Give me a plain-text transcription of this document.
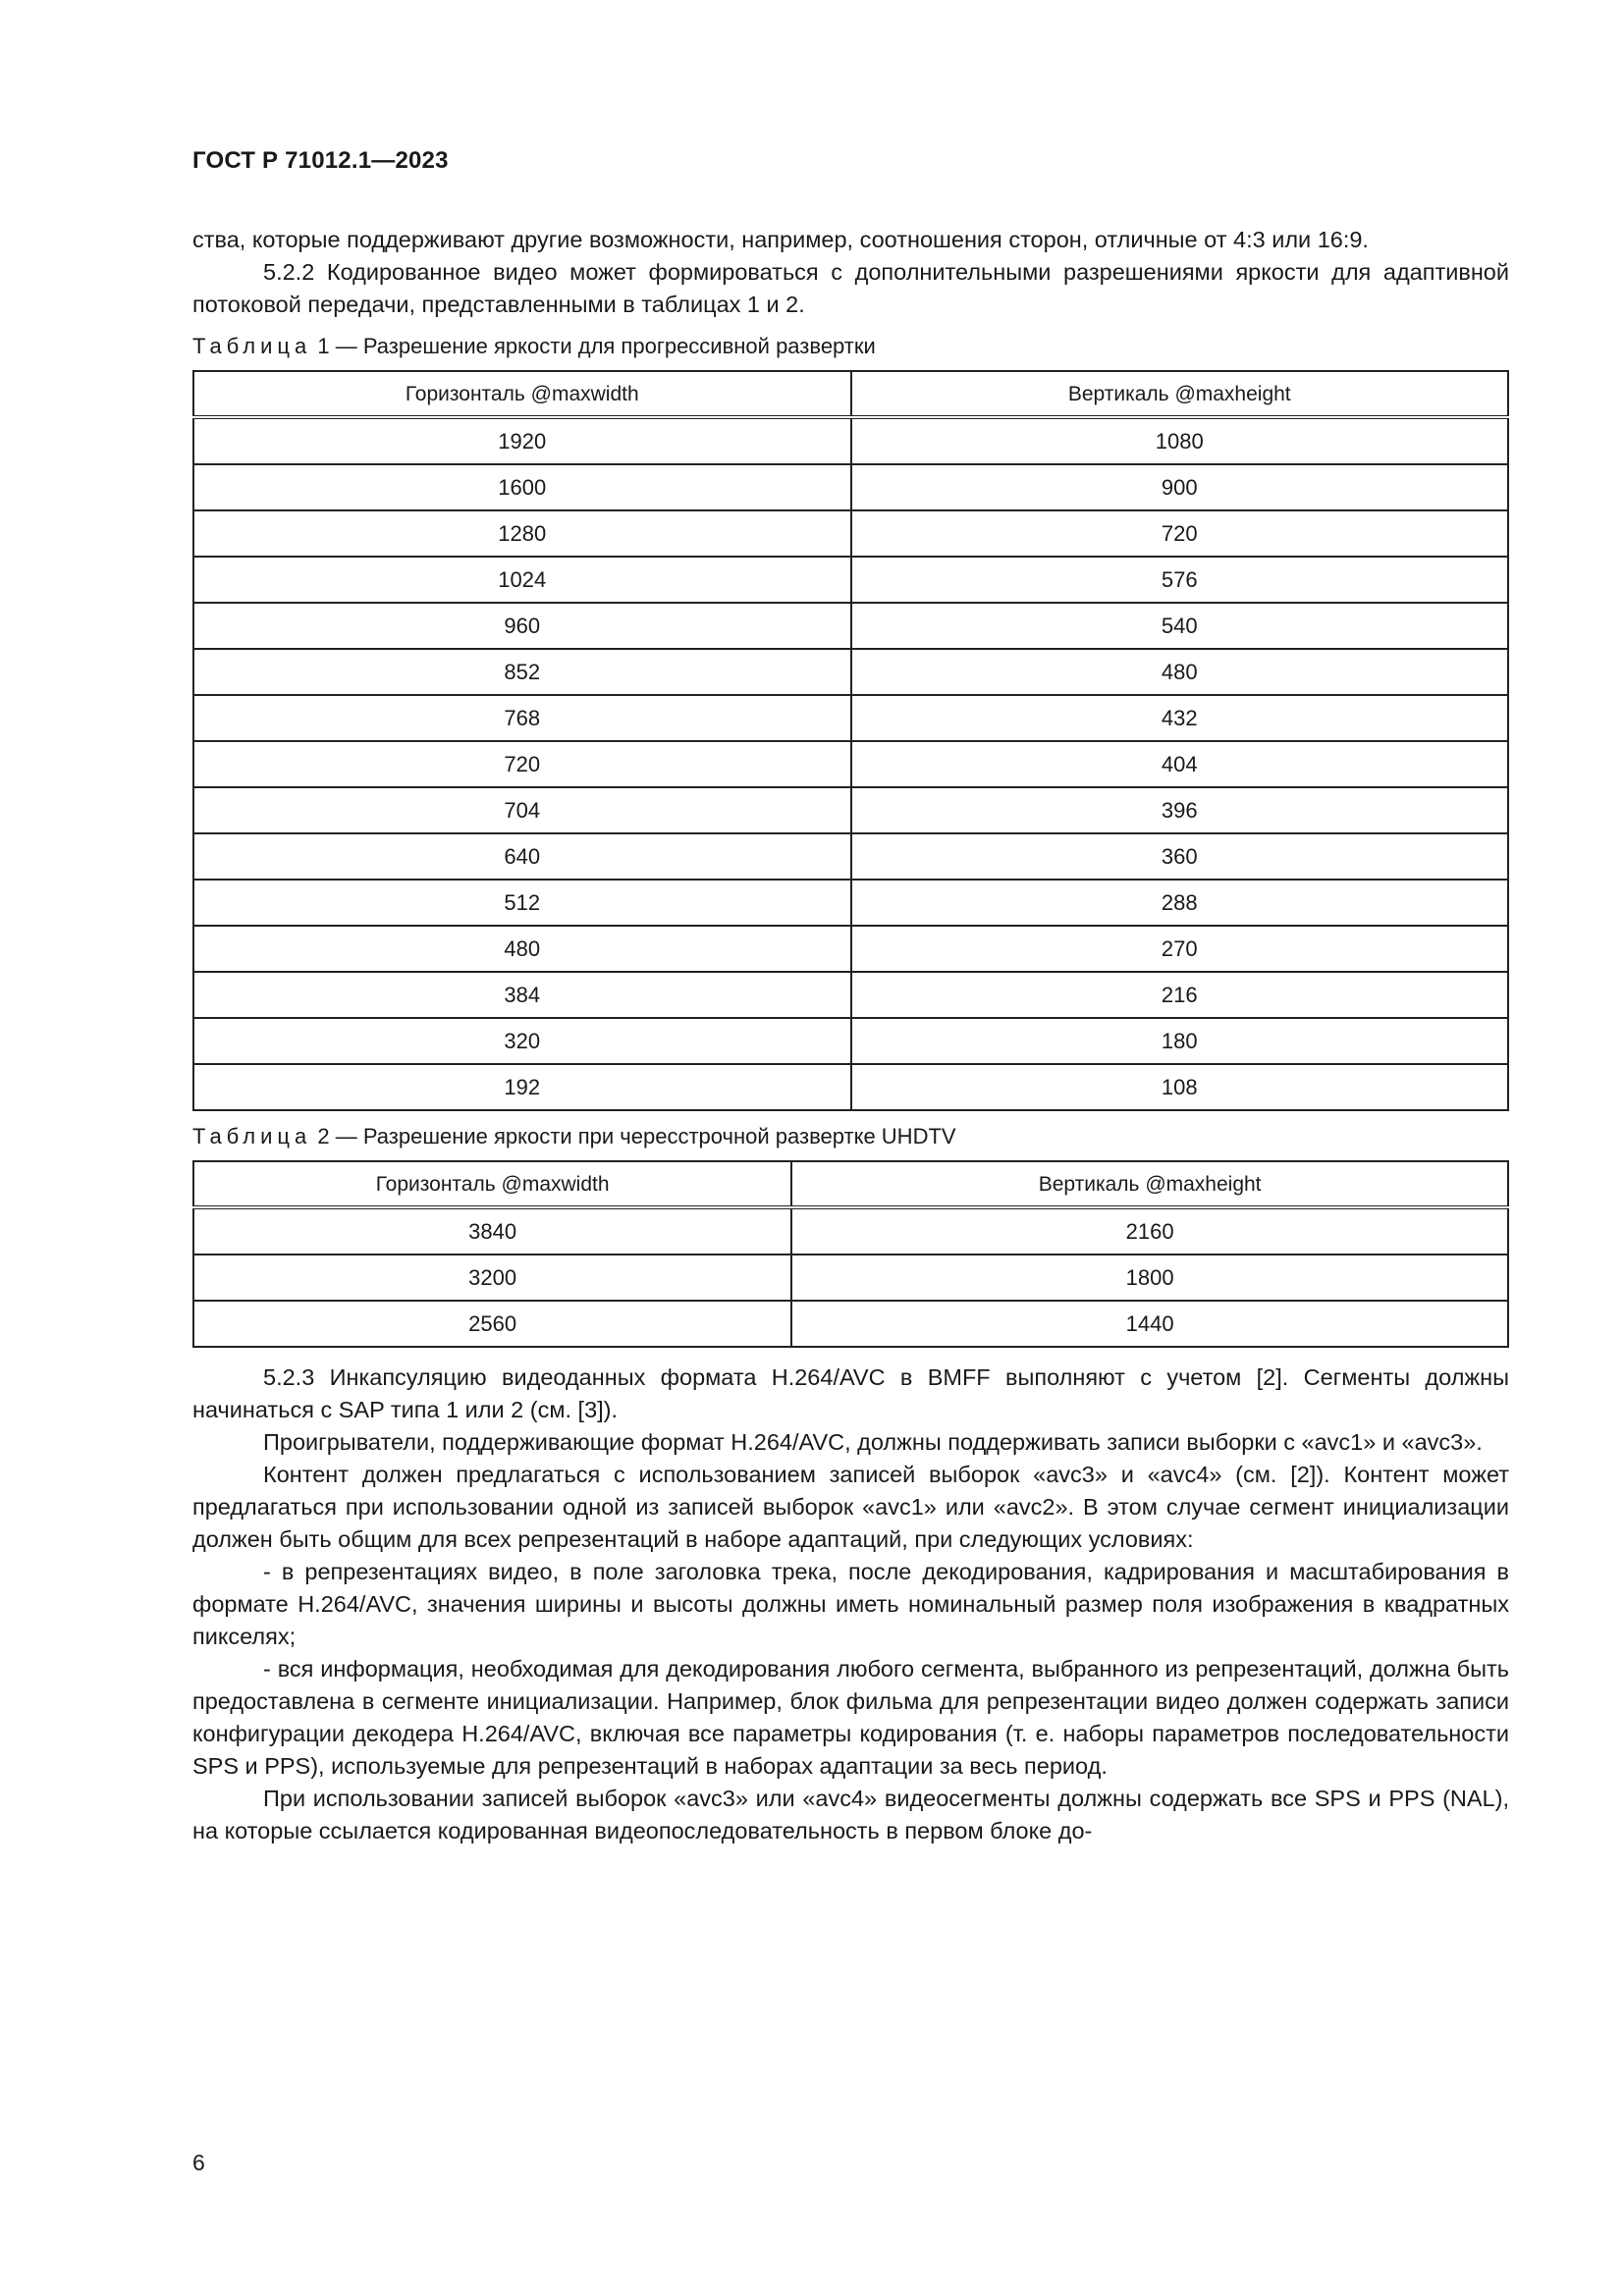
ГОСТ Р 71012.1—2023

ства, которые поддерживают другие возможности, например, соотношения сторон, отличные от 4:3 или 16:9.

5.2.2 Кодированное видео может формироваться с дополнительными разрешениями яркости для адаптивной потоковой передачи, представленными в таблицах 1 и 2.

Таблица 1 — Разрешение яркости для прогрессивной развертки
Горизонталь @maxwidth	Вертикаль @maxheight
1920	1080
1600	900
1280	720
1024	576
960	540
852	480
768	432
720	404
704	396
640	360
512	288
480	270
384	216
320	180
192	108
Таблица 2 — Разрешение яркости при чересстрочной развертке UHDTV
Горизонталь @maxwidth	Вертикаль @maxheight
3840	2160
3200	1800
2560	1440

5.2.3 Инкапсуляцию видеоданных формата H.264/AVC в BMFF выполняют с учетом [2]. Сегменты должны начинаться с SAP типа 1 или 2 (см. [3]).

Проигрыватели, поддерживающие формат H.264/AVC, должны поддерживать записи выборки с «avc1» и «avc3».

Контент должен предлагаться с использованием записей выборок «avc3» и «avc4» (см. [2]). Контент может предлагаться при использовании одной из записей выборок «avc1» или «avc2». В этом случае сегмент инициализации должен быть общим для всех репрезентаций в наборе адаптаций, при следующих условиях:

- в репрезентациях видео, в поле заголовка трека, после декодирования, кадрирования и масштабирования в формате H.264/AVC, значения ширины и высоты должны иметь номинальный размер поля изображения в квадратных пикселях;

- вся информация, необходимая для декодирования любого сегмента, выбранного из репрезентаций, должна быть предоставлена в сегменте инициализации. Например, блок фильма для репрезентации видео должен содержать записи конфигурации декодера H.264/AVC, включая все параметры кодирования (т. е. наборы параметров последовательности SPS и PPS), используемые для репрезентаций в наборах адаптации за весь период.

При использовании записей выборок «avc3» или «avc4» видеосегменты должны содержать все SPS и PPS (NAL), на которые ссылается кодированная видеопоследовательность в первом блоке до-

6
